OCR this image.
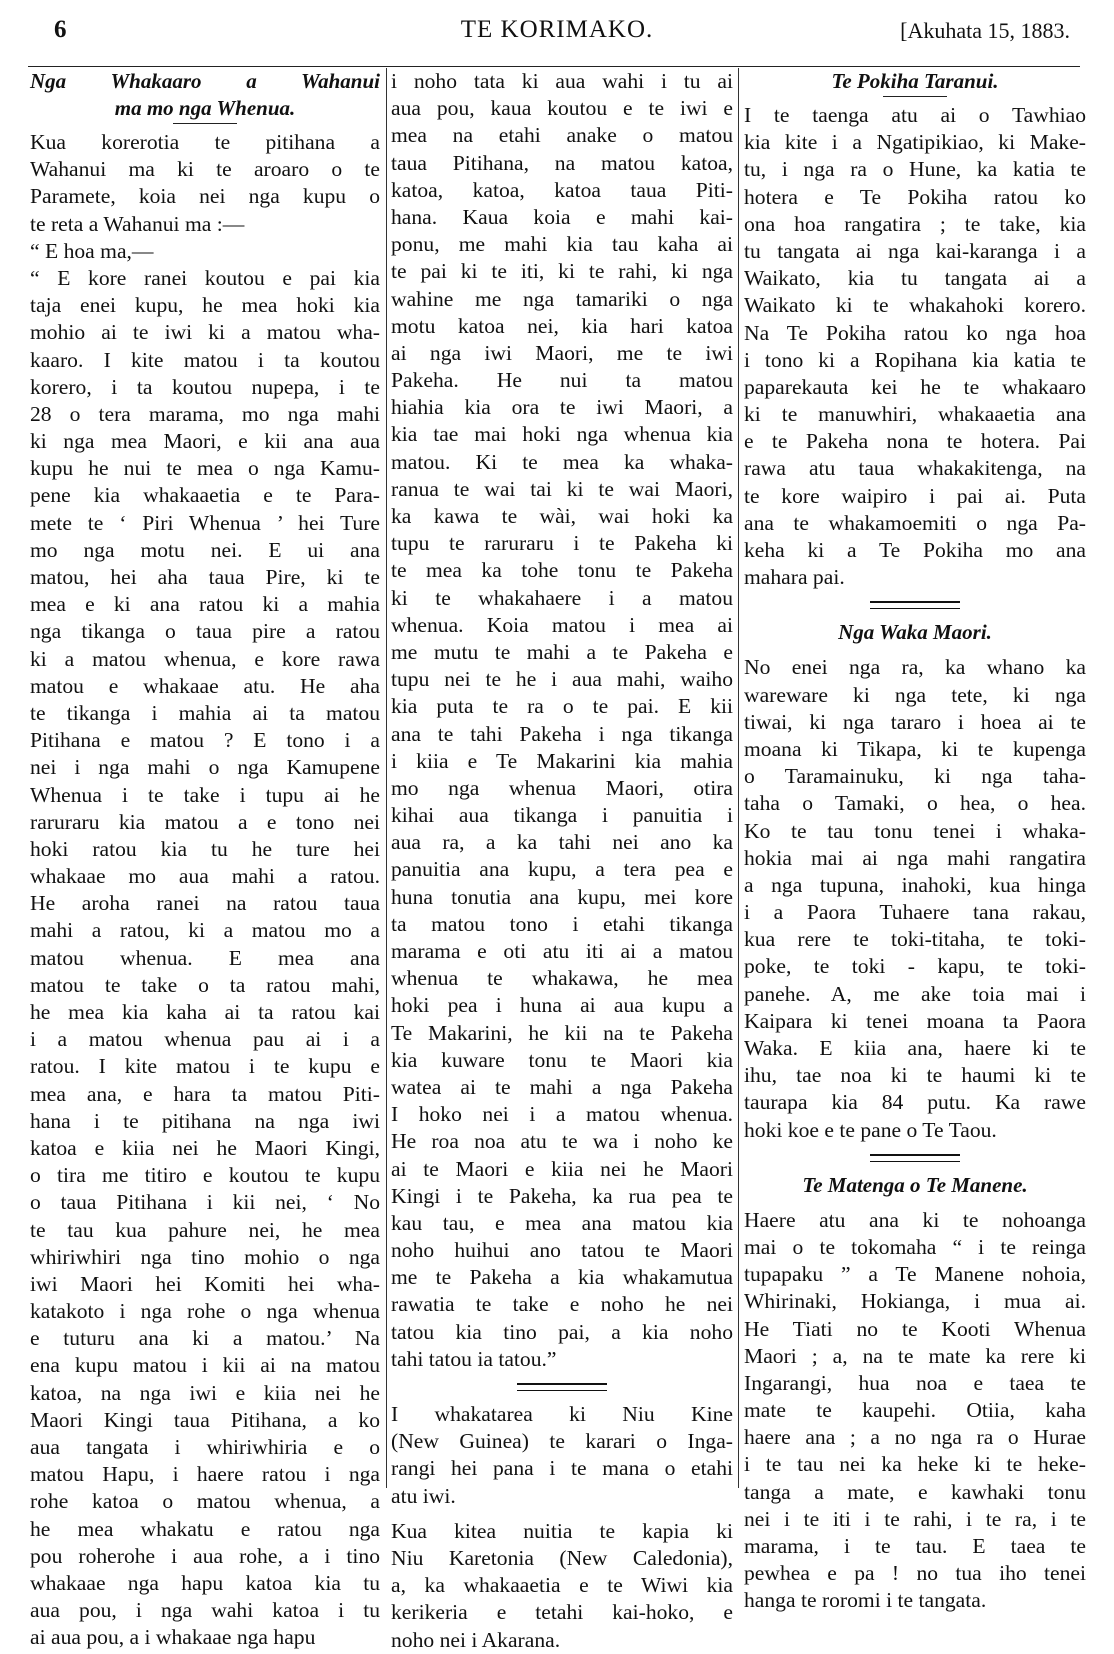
6	TE KORIMAKO.	[Akuhata 15, 1883.
Nga Whakaaro a Wahanui
ma mo nga Whenua.
Kua korerotia te pitihana a
Wahanui ma ki te aroaro o te
Paramete, koia nei nga kupu o
te reta a Wahanui ma :—
“ E hoa ma,—
“ E kore ranei koutou e pai kia
taja enei kupu, he mea hoki kia
mohio ai te iwi ki a matou wha-
kaaro. I kite matou i ta koutou
korero, i ta koutou nupepa, i te
28 o tera marama, mo nga mahi
ki nga mea Maori, e kii ana aua
kupu he nui te mea o nga Kamu-
pene kia whakaaetia e te Para-
mete te ‘ Piri Whenua ’ hei Ture
mo nga motu nei. E ui ana
matou, hei aha taua Pire, ki te
mea e ki ana ratou ki a mahia
nga tikanga o taua pire a ratou
ki a matou whenua, e kore rawa
matou e whakaae atu. He aha
te tikanga i mahia ai ta matou
Pitihana e matou ? E tono i a
nei i nga mahi o nga Kamupene
Whenua i te take i tupu ai he
raruraru kia matou a e tono nei
hoki ratou kia tu he ture hei
whakaae mo aua mahi a ratou.
He aroha ranei na ratou taua
mahi a ratou, ki a matou mo a
matou whenua. E mea ana
matou te take o ta ratou mahi,
he mea kia kaha ai ta ratou kai
i a matou whenua pau ai i a
ratou. I kite matou i te kupu e
mea ana, e hara ta matou Piti-
hana i te pitihana na nga iwi
katoa e kiia nei he Maori Kingi,
o tira me titiro e koutou te kupu
o taua Pitihana i kii nei, ‘ No
te tau kua pahure nei, he mea
whiriwhiri nga tino mohio o nga
iwi Maori hei Komiti hei wha-
katakoto i nga rohe o nga whenua
e tuturu ana ki a matou.’ Na
ena kupu matou i kii ai na matou
katoa, na nga iwi e kiia nei he
Maori Kingi taua Pitihana, a ko
aua tangata i whiriwhiria e o
matou Hapu, i haere ratou i nga
rohe katoa o matou whenua, a
he mea whakatu e ratou nga
pou roherohe i aua rohe, a i tino
whakaae nga hapu katoa kia tu
aua pou, i nga wahi katoa i tu
ai aua pou, a i whakaae nga hapu
i noho tata ki aua wahi i tu ai
aua pou, kaua koutou e te iwi e
mea na etahi anake o matou
taua Pitihana, na matou katoa,
katoa, katoa, katoa taua Piti-
hana. Kaua koia e mahi kai-
ponu, me mahi kia tau kaha ai
te pai ki te iti, ki te rahi, ki nga
wahine me nga tamariki o nga
motu katoa nei, kia hari katoa
ai nga iwi Maori, me te iwi
Pakeha. He nui ta matou
hiahia kia ora te iwi Maori, a
kia tae mai hoki nga whenua kia
matou. Ki te mea ka whaka-
ranua te wai tai ki te wai Maori,
ka kawa te wài, wai hoki ka
tupu te raruraru i te Pakeha ki
te mea ka tohe tonu te Pakeha
ki te whakahaere i a matou
whenua. Koia matou i mea ai
me mutu te mahi a te Pakeha e
tupu nei te he i aua mahi, waiho
kia puta te ra o te pai. E kii
ana te tahi Pakeha i nga tikanga
i kiia e Te Makarini kia mahia
mo nga whenua Maori, otira
kihai aua tikanga i panuitia i
aua ra, a ka tahi nei ano ka
panuitia ana kupu, a tera pea e
huna tonutia ana kupu, mei kore
ta matou tono i etahi tikanga
marama e oti atu iti ai a matou
whenua te whakawa, he mea
hoki pea i huna ai aua kupu a
Te Makarini, he kii na te Pakeha
kia kuware tonu te Maori kia
watea ai te mahi a nga Pakeha
I hoko nei i a matou whenua.
He roa noa atu te wa i noho ke
ai te Maori e kiia nei he Maori
Kingi i te Pakeha, ka rua pea te
kau tau, e mea ana matou kia
noho huihui ano tatou te Maori
me te Pakeha a kia whakamutua
rawatia te take e noho he nei
tatou kia tino pai, a kia noho
tahi tatou ia tatou.”
I whakatarea ki Niu Kine
(New Guinea) te karari o Inga-
rangi hei pana i te mana o etahi
atu iwi.
Kua kitea nuitia te kapia ki
Niu Karetonia (New Caledonia),
a, ka whakaaetia e te Wiwi kia
kerikeria e tetahi kai-hoko, e
noho nei i Akarana.
Te Pokiha Taranui.
I te taenga atu ai o Tawhiao
kia kite i a Ngatipikiao, ki Make-
tu, i nga ra o Hune, ka katia te
hotera e Te Pokiha ratou ko
ona hoa rangatira ; te take, kia
tu tangata ai nga kai-karanga i a
Waikato, kia tu tangata ai a
Waikato ki te whakahoki korero.
Na Te Pokiha ratou ko nga hoa
i tono ki a Ropihana kia katia te
paparekauta kei he te whakaaro
ki te manuwhiri, whakaaetia ana
e te Pakeha nona te hotera. Pai
rawa atu taua whakakitenga, na
te kore waipiro i pai ai. Puta
ana te whakamoemiti o nga Pa-
keha ki a Te Pokiha mo ana
mahara pai.
Nga Waka Maori.
No enei nga ra, ka whano ka
wareware ki nga tete, ki nga
tiwai, ki nga tararo i hoea ai te
moana ki Tikapa, ki te kupenga
o Taramainuku, ki nga taha-
taha o Tamaki, o hea, o hea.
Ko te tau tonu tenei i whaka-
hokia mai ai nga mahi rangatira
a nga tupuna, inahoki, kua hinga
i a Paora Tuhaere tana rakau,
kua rere te toki-titaha, te toki-
poke, te toki - kapu, te toki-
panehe. A, me ake toia mai i
Kaipara ki tenei moana ta Paora
Waka. E kiia ana, haere ki te
ihu, tae noa ki te haumi ki te
taurapa kia 84 putu. Ka rawe
hoki koe e te pane o Te Taou.
Te Matenga o Te Manene.
Haere atu ana ki te nohoanga
mai o te tokomaha “ i te reinga
tupapaku ” a Te Manene nohoia,
Whirinaki, Hokianga, i mua ai.
He Tiati no te Kooti Whenua
Maori ; a, na te mate ka rere ki
Ingarangi, hua noa e taea te
mate te kaupehi. Otiia, kaha
haere ana ; a no nga ra o Hurae
i te tau nei ka heke ki te heke-
tanga a mate, e kawhaki tonu
nei i te iti i te rahi, i te ra, i te
marama, i te tau. E taea te
pewhea e pa ! no tua iho tenei
hanga te roromi i te tangata.
